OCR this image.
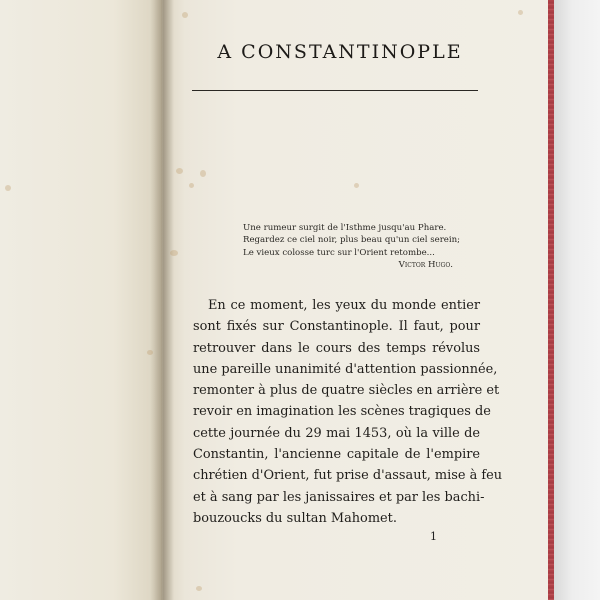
A CONSTANTINOPLE
Une rumeur surgit de l'Isthme jusqu'au Phare.
Regardez ce ciel noir, plus beau qu'un ciel serein;
Le vieux colosse turc sur l'Orient retombe...
Victor Hugo.
En ce moment, les yeux du monde entier
sont fixés sur Constantinople. Il faut, pour
retrouver dans le cours des temps révolus
une pareille unanimité d'attention passionnée,
remonter à plus de quatre siècles en arrière et
revoir en imagination les scènes tragiques de
cette journée du 29 mai 1453, où la ville de
Constantin, l'ancienne capitale de l'empire
chrétien d'Orient, fut prise d'assaut, mise à feu
et à sang par les janissaires et par les bachi-
bouzoucks du sultan Mahomet.
1
